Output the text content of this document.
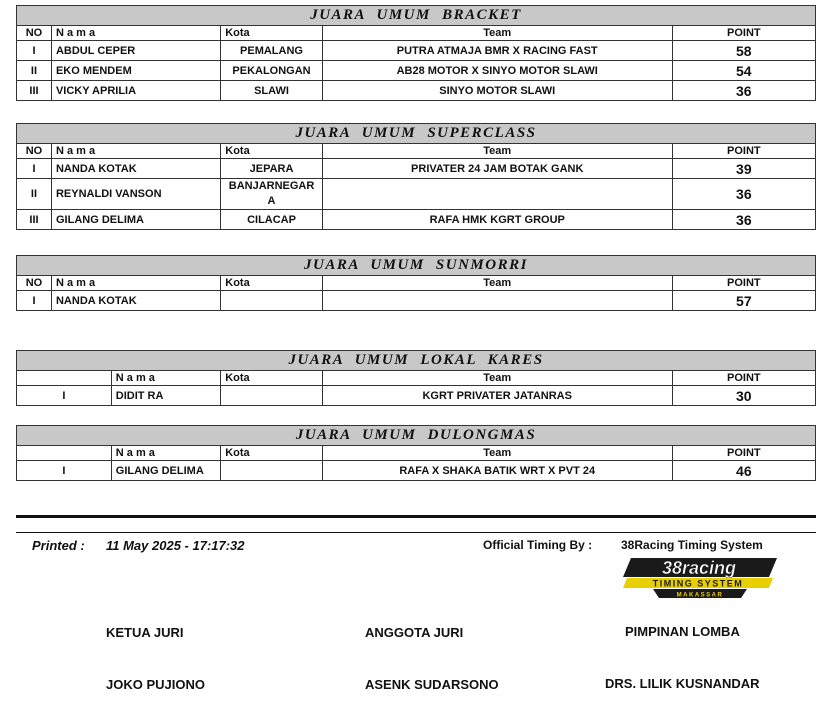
JUARA UMUM BRACKET				
NO	N a m a	Kota	Team	POINT
I	ABDUL CEPER	PEMALANG	PUTRA ATMAJA BMR X RACING FAST	58
II	EKO MENDEM	PEKALONGAN	AB28 MOTOR X SINYO MOTOR SLAWI	54
III	VICKY APRILIA	SLAWI	SINYO MOTOR SLAWI	36
JUARA UMUM SUPERCLASS				
NO	N a m a	Kota	Team	POINT
I	NANDA KOTAK	JEPARA	PRIVATER 24 JAM BOTAK GANK	39
II	REYNALDI VANSON	BANJARNEGAR A		36
III	GILANG DELIMA	CILACAP	RAFA HMK KGRT GROUP	36
JUARA UMUM SUNMORRI				
NO	N a m a	Kota	Team	POINT
I	NANDA KOTAK			57
JUARA UMUM LOKAL KARES				
	N a m a	Kota	Team	POINT
I	DIDIT RA		KGRT PRIVATER JATANRAS	30
JUARA UMUM DULONGMAS				
	N a m a	Kota	Team	POINT
I	GILANG DELIMA		RAFA X SHAKA BATIK WRT X PVT 24	46
Printed : 11 May 2025 - 17:17:32	Official Timing By : 38Racing Timing System
38racing
TIMING SYSTEM
MAKASSAR
KETUA JURI	ANGGOTA JURI	PIMPINAN LOMBA
JOKO PUJIONO	ASENK SUDARSONO	DRS. LILIK KUSNANDAR
